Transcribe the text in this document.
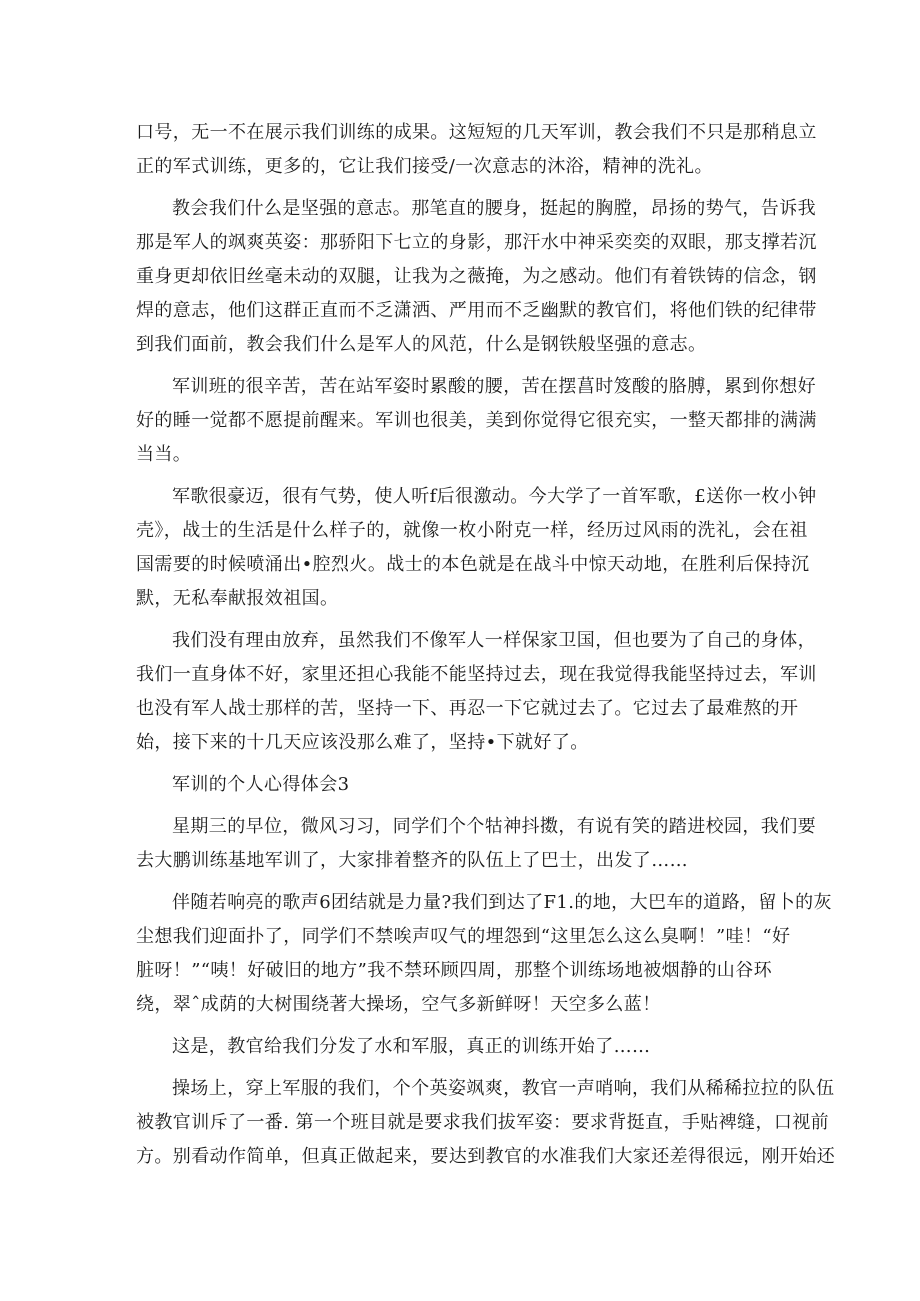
口号，无一不在展示我们训练的成果。这短短的几天军训，教会我们不只是那稍息立
正的军式训练，更多的，它让我们接受/一次意志的沐浴，精神的洗礼。
教会我们什么是坚强的意志。那笔直的腰身，挺起的胸膛，昂扬的势气，告诉我
那是军人的飒爽英姿：那骄阳下七立的身影，那汗水中神采奕奕的双眼，那支撑若沉
重身更却依旧丝毫未动的双腿，让我为之薇掩，为之感动。他们有着铁铸的信念，钢
焊的意志，他们这群正直而不乏潇洒、严用而不乏幽默的教官们，将他们铁的纪律带
到我们面前，教会我们什么是军人的风范，什么是钢铁般坚强的意志。
军训班的很辛苦，苦在站军姿时累酸的腰，苦在摆菖时笈酸的胳膊，累到你想好
好的睡一觉都不愿提前醒来。军训也很美，美到你觉得它很充实，一整天都排的满满
当当。
军歌很豪迈，很有气势，使人听f后很激动。今大学了一首军歌，£送你一枚小钟
壳》，战士的生活是什么样子的，就像一枚小附克一样，经历过风雨的洗礼，会在祖
国需要的时候喷涌出•腔烈火。战士的本色就是在战斗中惊天动地，在胜利后保持沉
默，无私奉献报效祖国。
我们没有理由放弃，虽然我们不像军人一样保家卫国，但也要为了自己的身体，
我们一直身体不好，家里还担心我能不能坚持过去，现在我觉得我能坚持过去，军训
也没有军人战士那样的苦，坚持一下、再忍一下它就过去了。它过去了最难熬的开
始，接下来的十几天应该没那么难了，坚持•下就好了。
军训的个人心得体会3
星期三的早位，微风习习，同学们个个牯神抖擞，有说有笑的踏进校园，我们要
去大鹏训练基地军训了，大家排着整齐的队伍上了巴士，出发了……
伴随若响亮的歌声6团结就是力量?我们到达了F1.的地，大巴车的道路，留卜的灰
尘想我们迎面扑了，同学们不禁唉声叹气的埋怨到“这里怎么这么臭啊！”哇！“好
脏呀！”“咦！好破旧的地方”我不禁环顾四周，那整个训练场地被烟静的山谷环
绕，翠ˆ成荫的大树围绕著大操场，空气多新鲜呀！天空多么蓝！
这是，教官给我们分发了水和军服，真正的训练开始了……
操场上，穿上军服的我们，个个英姿飒爽，教官一声哨响，我们从稀稀拉拉的队伍
被教官训斥了一番. 第一个班目就是要求我们拔军姿：要求背挺直，手贴裨缝，口视前
方。别看动作简单，但真正做起来，要达到教官的水准我们大家还差得很远，刚开始还
